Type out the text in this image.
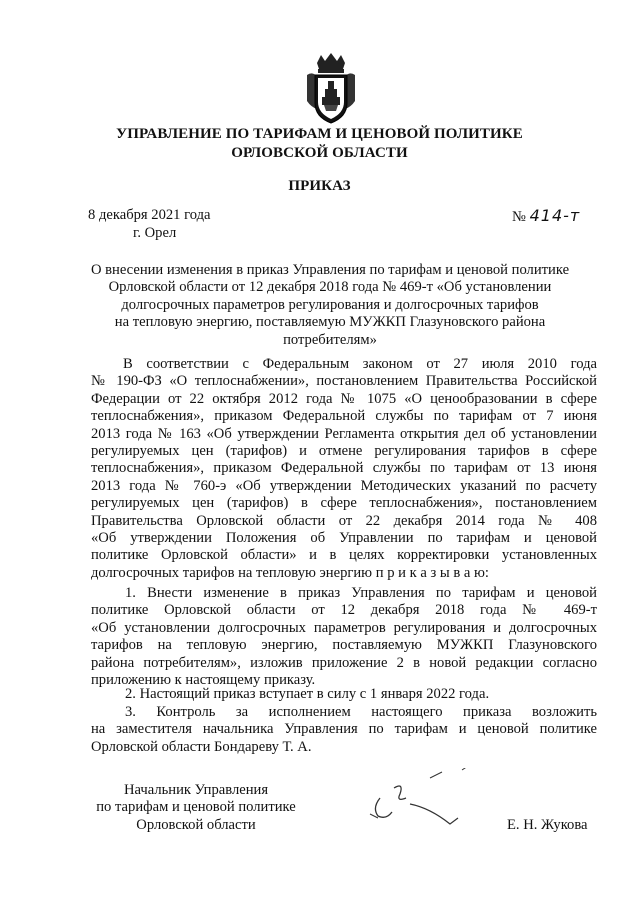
УПРАВЛЕНИЕ ПО ТАРИФАМ И ЦЕНОВОЙ ПОЛИТИКЕ
ОРЛОВСКОЙ ОБЛАСТИ
ПРИКАЗ
8 декабря 2021 года
г. Орел
№ 414-т
О внесении изменения в приказ Управления по тарифам и ценовой политике
Орловской области от 12 декабря 2018 года № 469-т «Об установлении
долгосрочных параметров регулирования и долгосрочных тарифов
на тепловую энергию, поставляемую МУЖКП Глазуновского района
потребителям»
В соответствии с Федеральным законом от 27 июля 2010 года
№ 190-ФЗ «О теплоснабжении», постановлением Правительства Российской
Федерации от 22 октября 2012 года № 1075 «О ценообразовании в сфере
теплоснабжения», приказом Федеральной службы по тарифам от 7 июня
2013 года № 163 «Об утверждении Регламента открытия дел об установлении
регулируемых цен (тарифов) и отмене регулирования тарифов в сфере
теплоснабжения», приказом Федеральной службы по тарифам от 13 июня
2013 года № 760-э «Об утверждении Методических указаний по расчету
регулируемых цен (тарифов) в сфере теплоснабжения», постановлением
Правительства Орловской области от 22 декабря 2014 года № 408
«Об утверждении Положения об Управлении по тарифам и ценовой
политике Орловской области» и в целях корректировки установленных
долгосрочных тарифов на тепловую энергию п р и к а з ы в а ю:
1. Внести изменение в приказ Управления по тарифам и ценовой
политике Орловской области от 12 декабря 2018 года № 469-т
«Об установлении долгосрочных параметров регулирования и долгосрочных
тарифов на тепловую энергию, поставляемую МУЖКП Глазуновского
района потребителям», изложив приложение 2 в новой редакции согласно
приложению к настоящему приказу.
2. Настоящий приказ вступает в силу с 1 января 2022 года.
3. Контроль за исполнением настоящего приказа возложить
на заместителя начальника Управления по тарифам и ценовой политике
Орловской области Бондареву Т. А.
Начальник Управления
по тарифам и ценовой политике
Орловской области	Е. Н. Жукова
